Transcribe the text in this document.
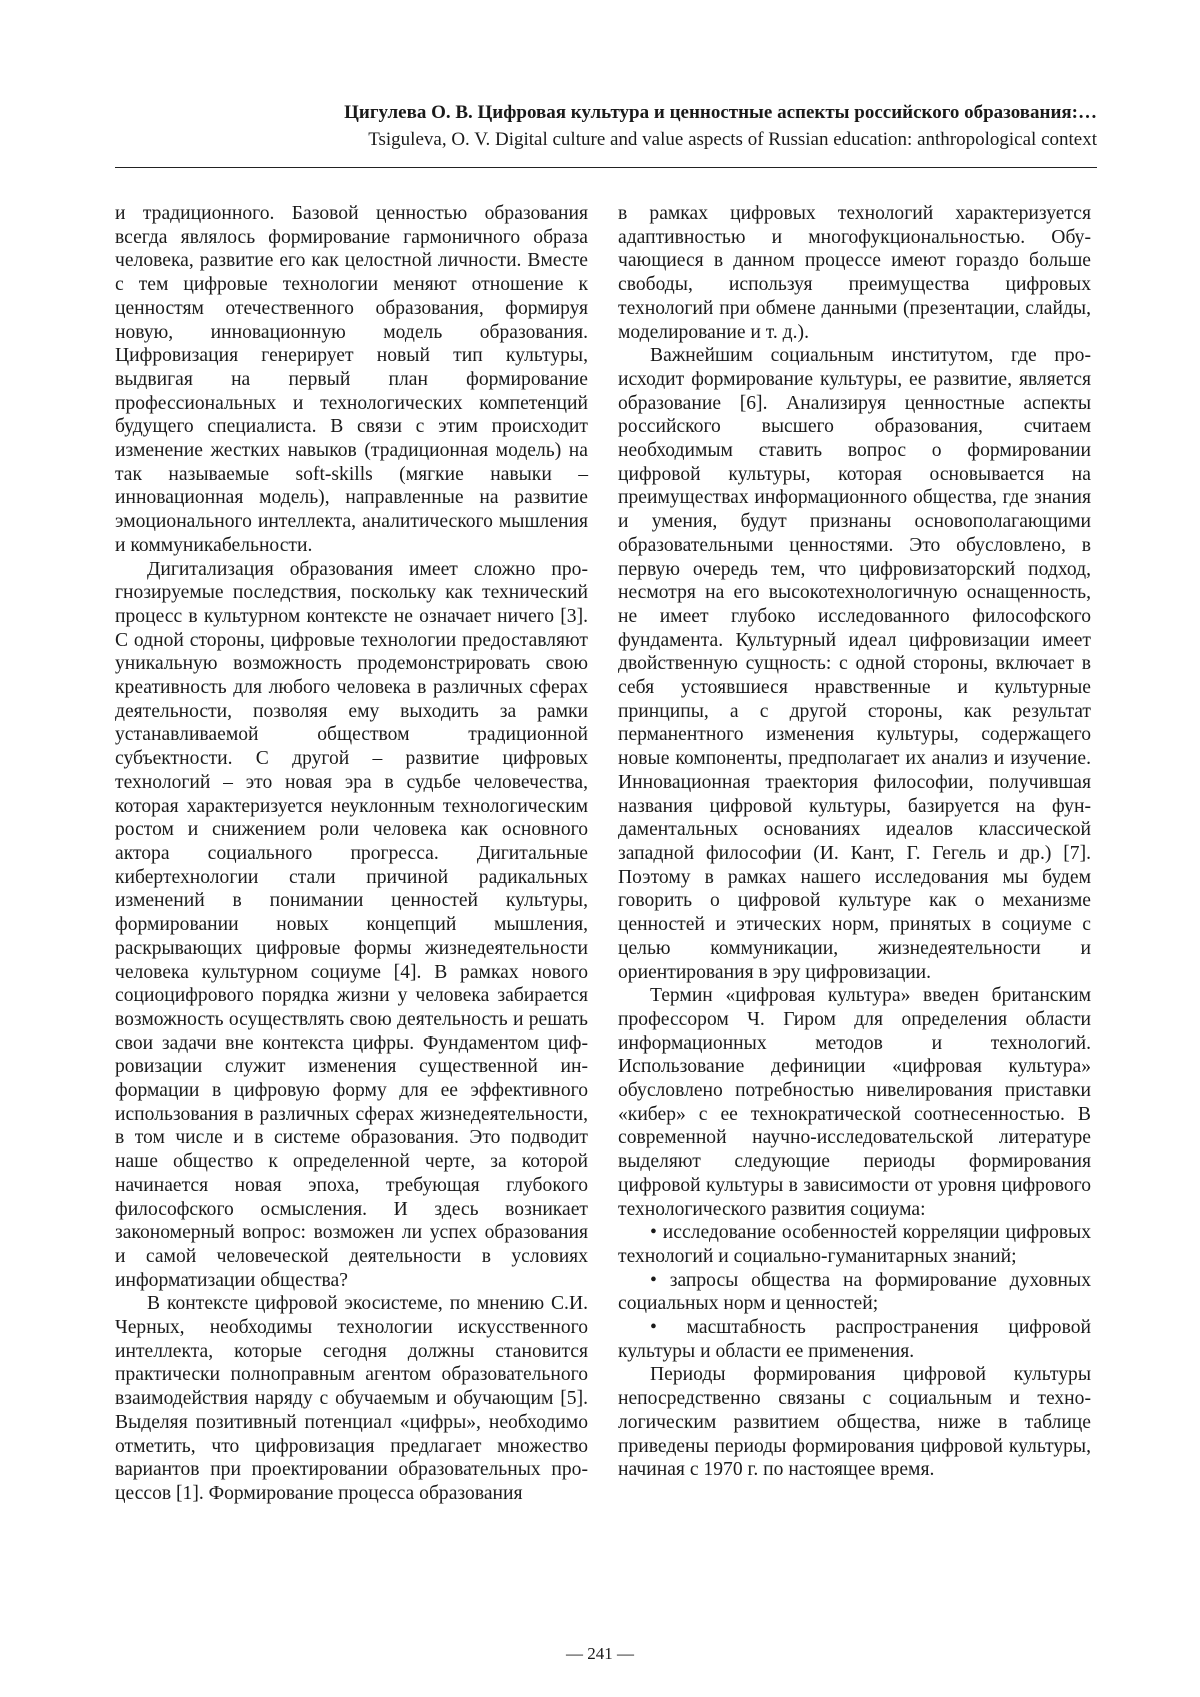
Цигулева О. В. Цифровая культура и ценностные аспекты российского образования:…
Tsiguleva, O. V. Digital culture and value aspects of Russian education: anthropological context

и традиционного. Базовой ценностью образования всегда являлось формирование гармоничного образа человека, развитие его как целостной личности. Вместе с тем цифровые технологии меняют отношение к ценностям отечественного образования, формируя новую, инновационную модель образования. Цифровизация генерирует новый тип культуры, выдвигая на первый план формирование профессиональных и технологических компетенций будущего специалиста. В связи с этим происходит изменение жестких навыков (традиционная модель) на так называемые soft-skills (мягкие навыки – инновационная модель), направленные на развитие эмоционального интеллекта, аналитического мышления и коммуникабельности.

Дигитализация образования имеет сложно прогнозируемые последствия, поскольку как технический процесс в культурном контексте не означает ничего [3]. С одной стороны, цифровые технологии предоставляют уникальную возможность продемонстрировать свою креативность для любого человека в различных сферах деятельности, позволяя ему выходить за рамки устанавливаемой обществом традиционной субъектности. С другой – развитие цифровых технологий – это новая эра в судьбе человечества, которая характеризуется неуклонным технологическим ростом и снижением роли человека как основного актора социального прогресса. Дигитальные кибертехнологии стали причиной радикальных изменений в понимании ценностей культуры, формировании новых концепций мышления, раскрывающих цифровые формы жизнедеятельности человека культурном социуме [4]. В рамках нового социоцифрового порядка жизни у человека забирается возможность осуществлять свою деятельность и решать свои задачи вне контекста цифры. Фундаментом цифровизации служит изменения существенной информации в цифровую форму для ее эффективного использования в различных сферах жизнедеятельности, в том числе и в системе образования. Это подводит наше общество к определенной черте, за которой начинается новая эпоха, требующая глубокого философского осмысления. И здесь возникает закономерный вопрос: возможен ли успех образования и самой человеческой деятельности в условиях информатизации общества?

В контексте цифровой экосистеме, по мнению С.И. Черных, необходимы технологии искусственного интеллекта, которые сегодня должны становится практически полноправным агентом образовательного взаимодействия наряду с обучаемым и обучающим [5]. Выделяя позитивный потенциал «цифры», необходимо отметить, что цифровизация предлагает множество вариантов при проектировании образовательных процессов [1]. Формирование процесса образования

в рамках цифровых технологий характеризуется адаптивностью и многофукциональностью. Обучающиеся в данном процессе имеют гораздо больше свободы, используя преимущества цифровых технологий при обмене данными (презентации, слайды, моделирование и т. д.).

Важнейшим социальным институтом, где происходит формирование культуры, ее развитие, является образование [6]. Анализируя ценностные аспекты российского высшего образования, считаем необходимым ставить вопрос о формировании цифровой культуры, которая основывается на преимуществах информационного общества, где знания и умения, будут признаны основополагающими образовательными ценностями. Это обусловлено, в первую очередь тем, что цифровизаторский подход, несмотря на его высокотехнологичную оснащенность, не имеет глубоко исследованного философского фундамента. Культурный идеал цифровизации имеет двойственную сущность: с одной стороны, включает в себя устоявшиеся нравственные и культурные принципы, а с другой стороны, как результат перманентного изменения культуры, содержащего новые компоненты, предполагает их анализ и изучение. Инновационная траектория философии, получившая названия цифровой культуры, базируется на фундаментальных основаниях идеалов классической западной философии (И. Кант, Г. Гегель и др.) [7]. Поэтому в рамках нашего исследования мы будем говорить о цифровой культуре как о механизме ценностей и этических норм, принятых в социуме с целью коммуникации, жизнедеятельности и ориентирования в эру цифровизации.

Термин «цифровая культура» введен британским профессором Ч. Гиром для определения области информационных методов и технологий. Использование дефиниции «цифровая культура» обусловлено потребностью нивелирования приставки «кибер» с ее технократической соотнесенностью. В современной научно-исследовательской литературе выделяют следующие периоды формирования цифровой культуры в зависимости от уровня цифрового технологического развития социума:

• исследование особенностей корреляции цифровых технологий и социально-гуманитарных знаний;

• запросы общества на формирование духовных социальных норм и ценностей;

• масштабность распространения цифровой культуры и области ее применения.

Периоды формирования цифровой культуры непосредственно связаны с социальным и технологическим развитием общества, ниже в таблице приведены периоды формирования цифровой культуры, начиная с 1970 г. по настоящее время.

— 241 —
